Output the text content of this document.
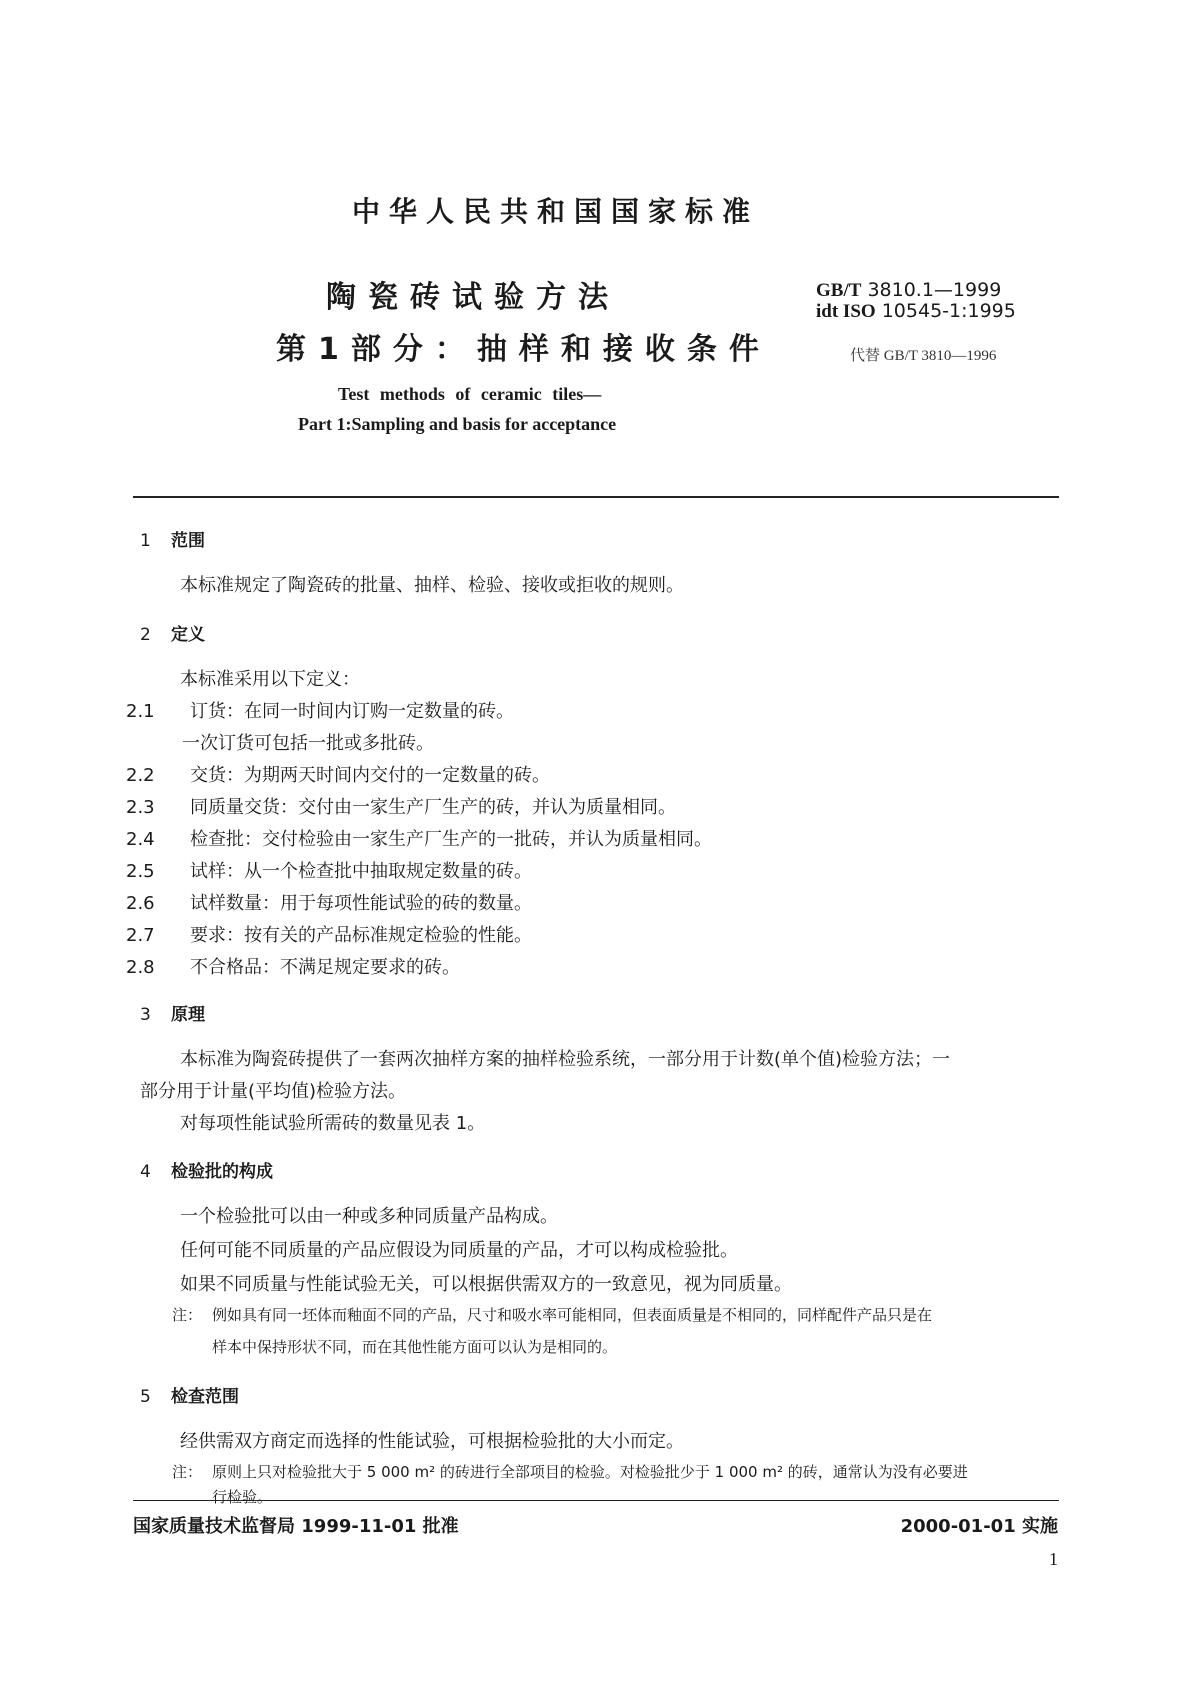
中华人民共和国国家标准
陶瓷砖试验方法
第1部分：抽样和接收条件
Test methods of ceramic tiles—
Part 1:Sampling and basis for acceptance
GB/T 3810.1—1999
idt ISO 10545-1:1995
代替 GB/T 3810—1996
1 范围
本标准规定了陶瓷砖的批量、抽样、检验、接收或拒收的规则。
2 定义
本标准采用以下定义：
2.1 订货：在同一时间内订购一定数量的砖。
一次订货可包括一批或多批砖。
2.2 交货：为期两天时间内交付的一定数量的砖。
2.3 同质量交货：交付由一家生产厂生产的砖，并认为质量相同。
2.4 检查批：交付检验由一家生产厂生产的一批砖，并认为质量相同。
2.5 试样：从一个检查批中抽取规定数量的砖。
2.6 试样数量：用于每项性能试验的砖的数量。
2.7 要求：按有关的产品标准规定检验的性能。
2.8 不合格品：不满足规定要求的砖。
3 原理
本标准为陶瓷砖提供了一套两次抽样方案的抽样检验系统，一部分用于计数(单个值)检验方法；一
部分用于计量(平均值)检验方法。
对每项性能试验所需砖的数量见表 1。
4 检验批的构成
一个检验批可以由一种或多种同质量产品构成。
任何可能不同质量的产品应假设为同质量的产品，才可以构成检验批。
如果不同质量与性能试验无关，可以根据供需双方的一致意见，视为同质量。
注： 例如具有同一坯体而釉面不同的产品，尺寸和吸水率可能相同，但表面质量是不相同的，同样配件产品只是在
样本中保持形状不同，而在其他性能方面可以认为是相同的。
5 检查范围
经供需双方商定而选择的性能试验，可根据检验批的大小而定。
注： 原则上只对检验批大于 5 000 m² 的砖进行全部项目的检验。对检验批少于 1 000 m² 的砖，通常认为没有必要进
行检验。
国家质量技术监督局 1999-11-01 批准	2000-01-01 实施
1
